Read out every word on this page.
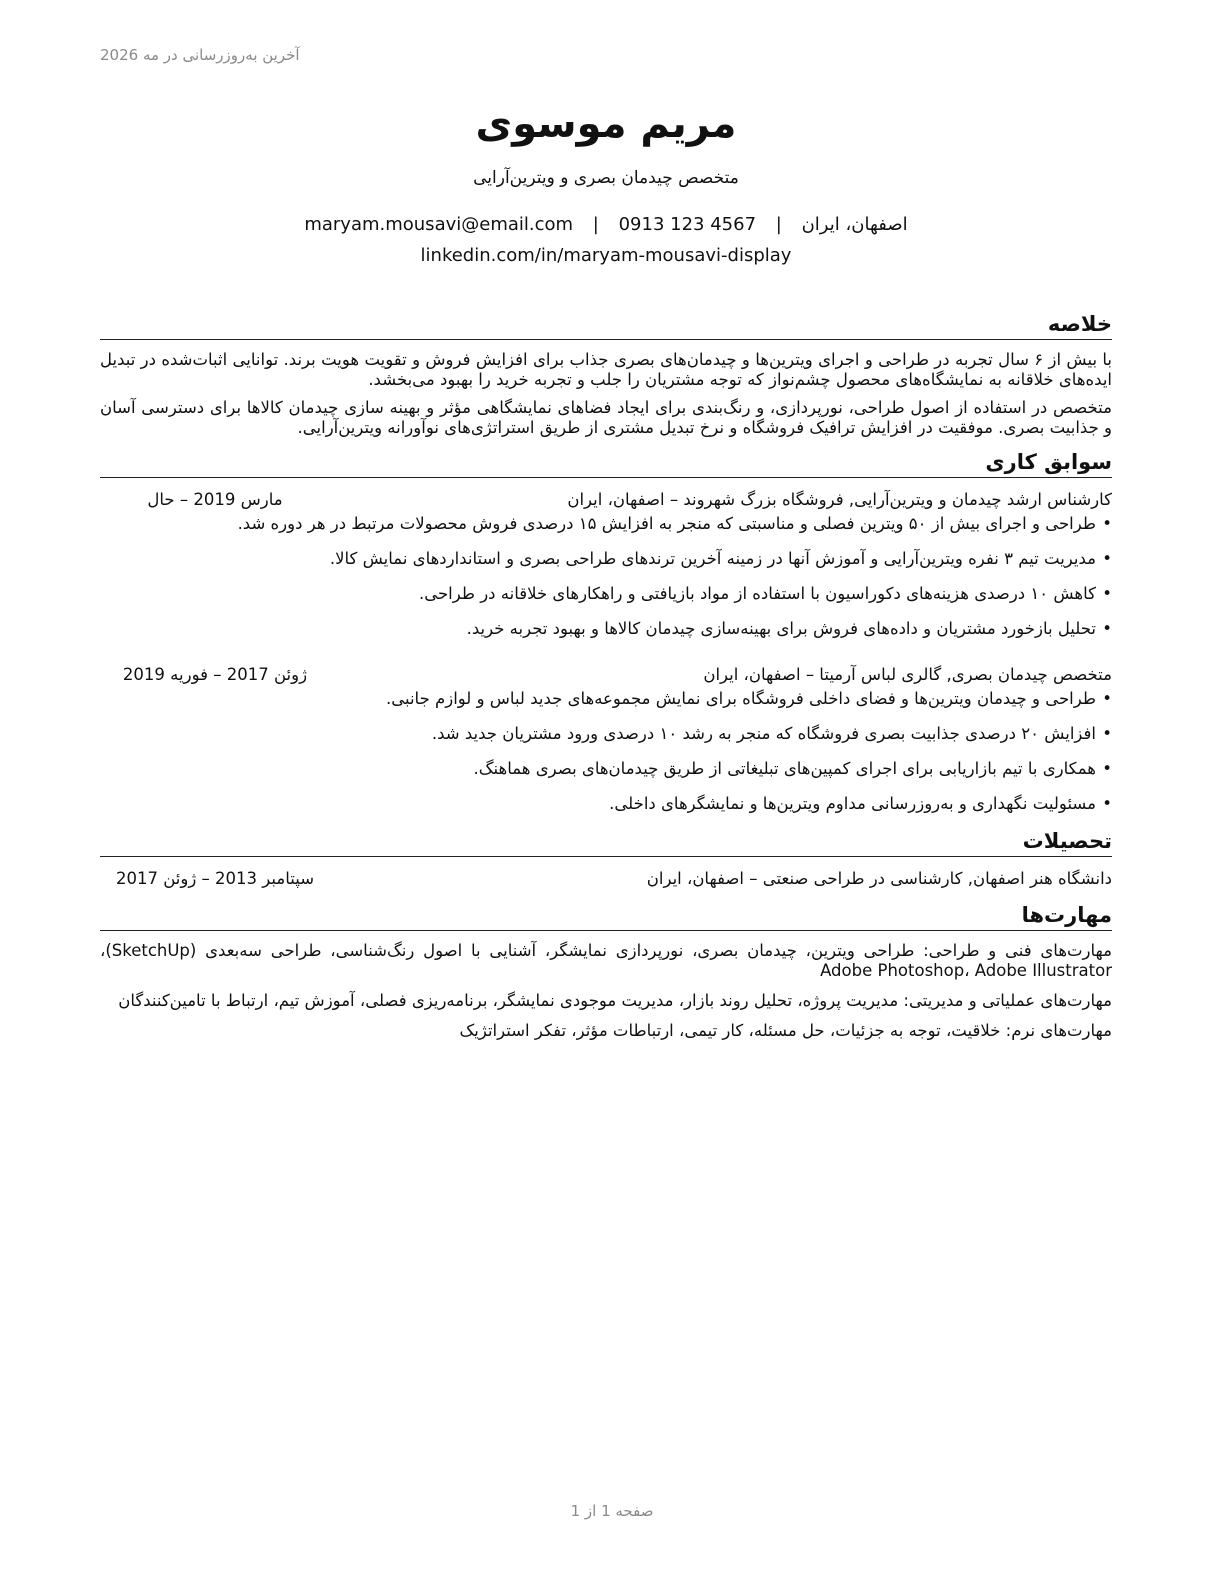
آخرین به‌روزرسانی در مه 2026
مریم موسوی
متخصص چیدمان بصری و ویترین‌آرایی
اصفهان، ایران | maryam.mousavi@email.com | 0913 123 4567
linkedin.com/in/maryam-mousavi-display
خلاصه

با بیش از ۶ سال تجربه در طراحی و اجرای ویترین‌ها و چیدمان‌های بصری جذاب برای افزایش فروش و تقویت هویت برند. توانایی اثبات‌شده در تبدیل ایده‌های خلاقانه به نمایشگاه‌های محصول چشم‌نواز که توجه مشتریان را جلب و تجربه خرید را بهبود می‌بخشد.

متخصص در استفاده از اصول طراحی، نورپردازی، و رنگ‌بندی برای ایجاد فضاهای نمایشگاهی مؤثر و بهینه سازی چیدمان کالاها برای دسترسی آسان و جذابیت بصری. موفقیت در افزایش ترافیک فروشگاه و نرخ تبدیل مشتری از طریق استراتژی‌های نوآورانه ویترین‌آرایی.

سوابق کاری
کارشناس ارشد چیدمان و ویترین‌آرایی, فروشگاه بزرگ شهروند – اصفهان، ایران
مارس 2019 – حال
•
طراحی و اجرای بیش از ۵۰ ویترین فصلی و مناسبتی که منجر به افزایش ۱۵ درصدی فروش محصولات مرتبط در هر دوره شد.
•
مدیریت تیم ۳ نفره ویترین‌آرایی و آموزش آنها در زمینه آخرین ترندهای طراحی بصری و استانداردهای نمایش کالا.
•
کاهش ۱۰ درصدی هزینه‌های دکوراسیون با استفاده از مواد بازیافتی و راهکارهای خلاقانه در طراحی.
•
تحلیل بازخورد مشتریان و داده‌های فروش برای بهینه‌سازی چیدمان کالاها و بهبود تجربه خرید.
متخصص چیدمان بصری, گالری لباس آرمیتا – اصفهان، ایران
ژوئن 2017 – فوریه 2019
•
طراحی و چیدمان ویترین‌ها و فضای داخلی فروشگاه برای نمایش مجموعه‌های جدید لباس و لوازم جانبی.
•
افزایش ۲۰ درصدی جذابیت بصری فروشگاه که منجر به رشد ۱۰ درصدی ورود مشتریان جدید شد.
•
همکاری با تیم بازاریابی برای اجرای کمپین‌های تبلیغاتی از طریق چیدمان‌های بصری هماهنگ.
•
مسئولیت نگهداری و به‌روزرسانی مداوم ویترین‌ها و نمایشگرهای داخلی.
تحصیلات
دانشگاه هنر اصفهان, کارشناسی در طراحی صنعتی – اصفهان، ایران
سپتامبر 2013 – ژوئن 2017
مهارت‌ها

مهارت‌های فنی و طراحی: طراحی ویترین، چیدمان بصری، نورپردازی نمایشگر، آشنایی با اصول رنگ‌شناسی، طراحی سه‌بعدی (SketchUp)، Adobe Photoshop، Adobe Illustrator

مهارت‌های عملیاتی و مدیریتی: مدیریت پروژه، تحلیل روند بازار، مدیریت موجودی نمایشگر، برنامه‌ریزی فصلی، آموزش تیم، ارتباط با تامین‌کنندگان

مهارت‌های نرم: خلاقیت، توجه به جزئیات، حل مسئله، کار تیمی، ارتباطات مؤثر، تفکر استراتژیک

صفحه 1 از 1
